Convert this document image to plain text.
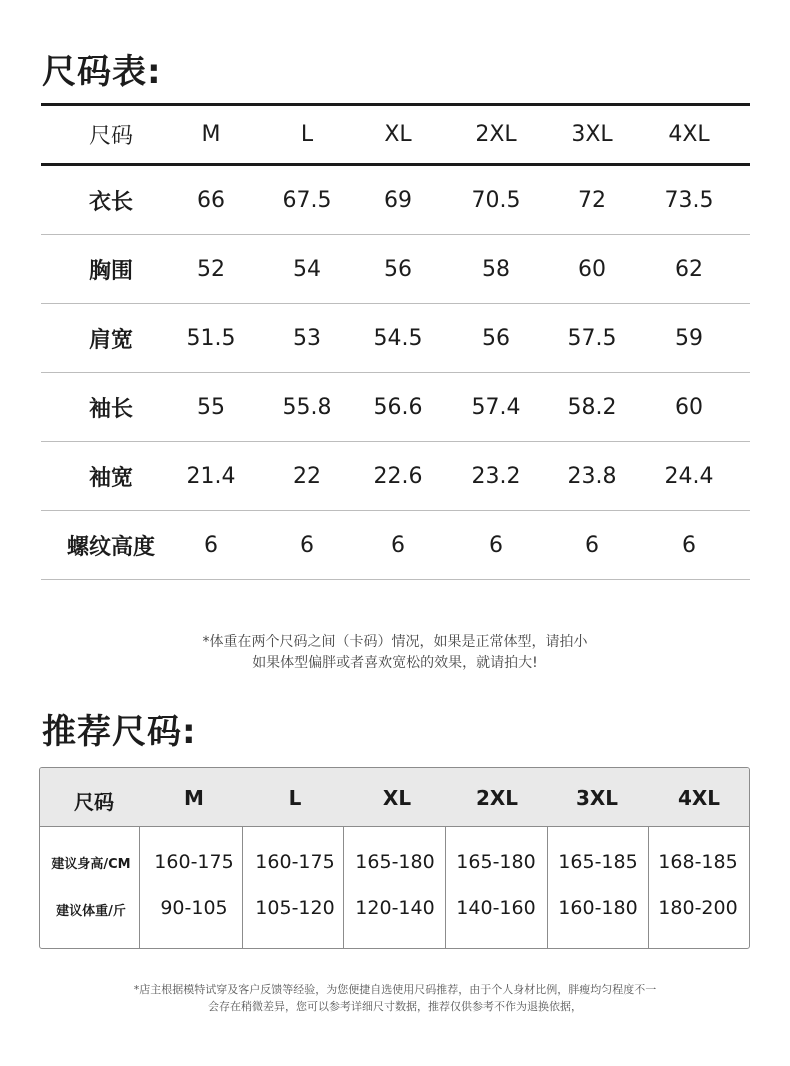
尺码表:
尺码	M	L	XL	2XL 3XL	4XL
衣长	66	67.5 69	70.5	72	73.5
胸围	52	54	56	58	60	62
肩宽 51.5	53 54.5	56	57.5	59
袖长	55	55.8 56.6 57.4 58.2	60
袖宽 21.4	22 22.6 23.2 23.8 24.4
螺纹高度 6	6	6	6	6	6
*体重在两个尺码之间（卡码）情况，如果是正常体型，请拍小
如果体型偏胖或者喜欢宽松的效果，就请拍大!
推荐尺码:
尺码	M	L	XL	2XL	3XL	4XL
建议身高/CM 160-175 160-175 165-180 165-180 165-185 168-185
建议体重/斤 90-105 105-120 120-140 140-160 160-180 180-200
*店主根据模特试穿及客户反馈等经验，为您便捷自选使用尺码推荐，由于个人身材比例，胖瘦均匀程度不一
会存在稍微差异，您可以参考详细尺寸数据，推荐仅供参考不作为退换依据，
